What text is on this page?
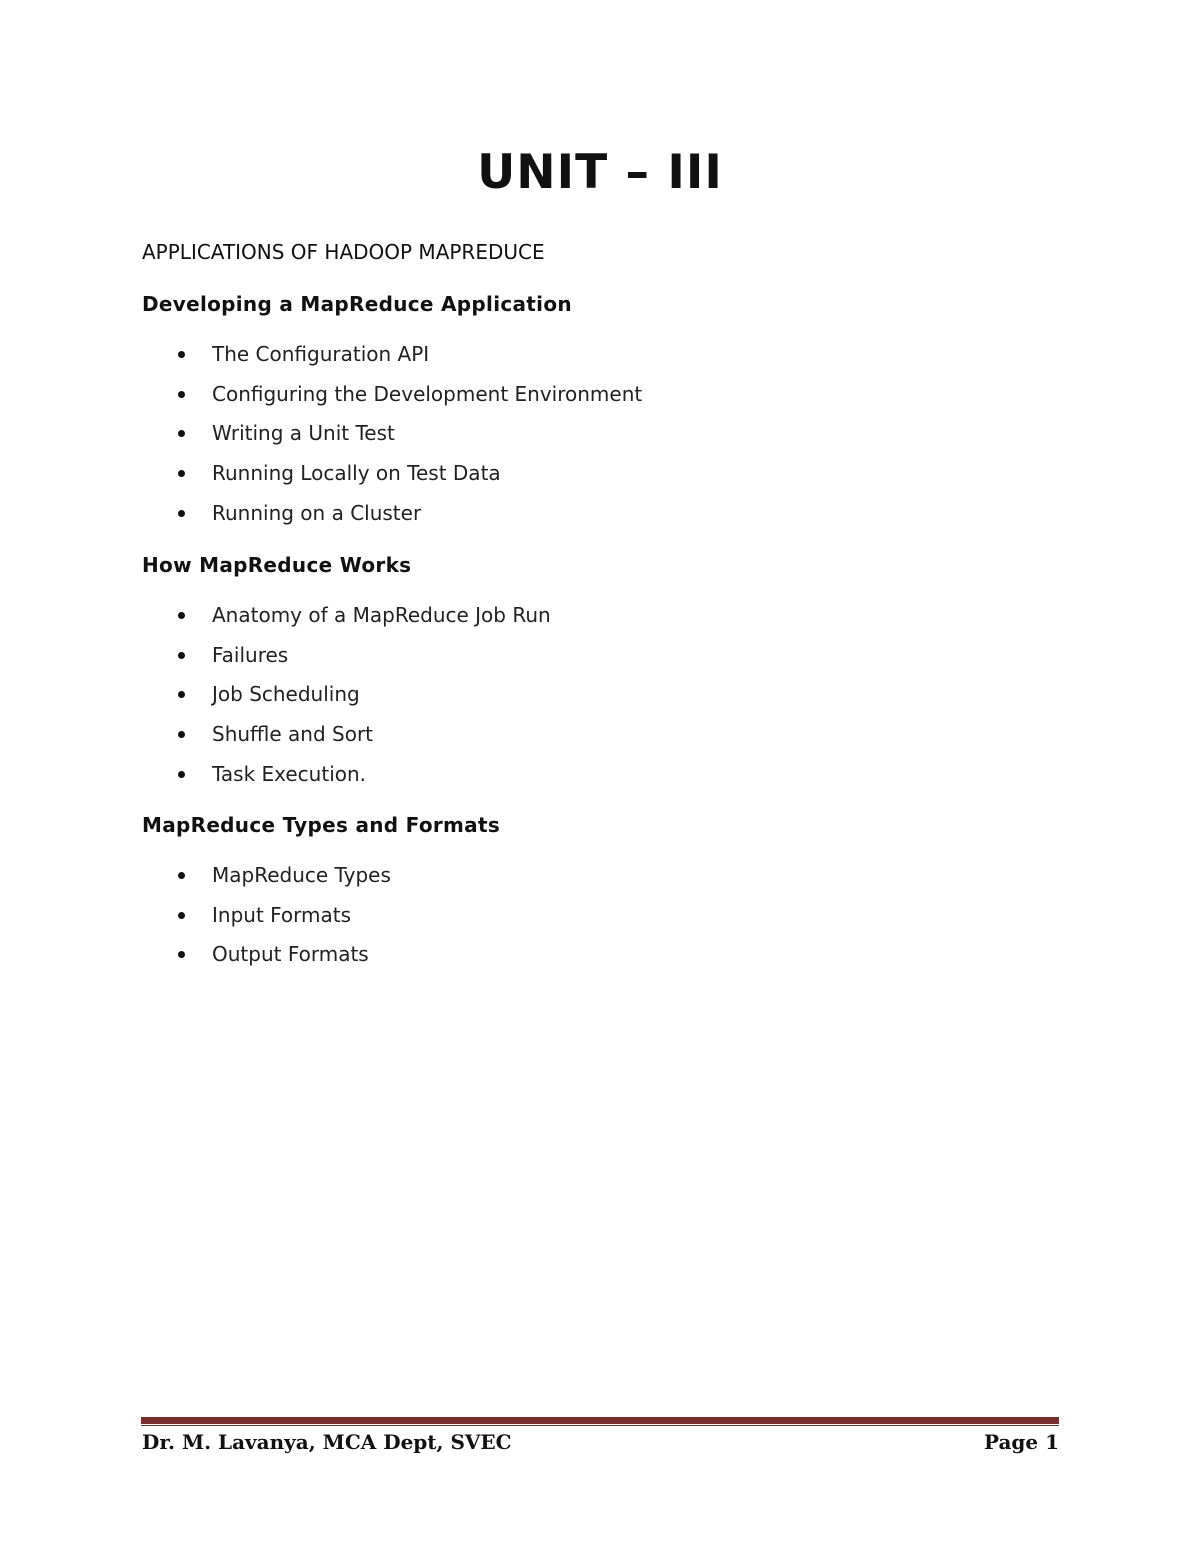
UNIT – III

APPLICATIONS OF HADOOP MAPREDUCE

Developing a MapReduce Application
The Configuration API
Configuring the Development Environment
Writing a Unit Test
Running Locally on Test Data
Running on a Cluster
How MapReduce Works
Anatomy of a MapReduce Job Run
Failures
Job Scheduling
Shuffle and Sort
Task Execution.
MapReduce Types and Formats
MapReduce Types
Input Formats
Output Formats
Dr. M. Lavanya, MCA Dept, SVEC	Page 1
